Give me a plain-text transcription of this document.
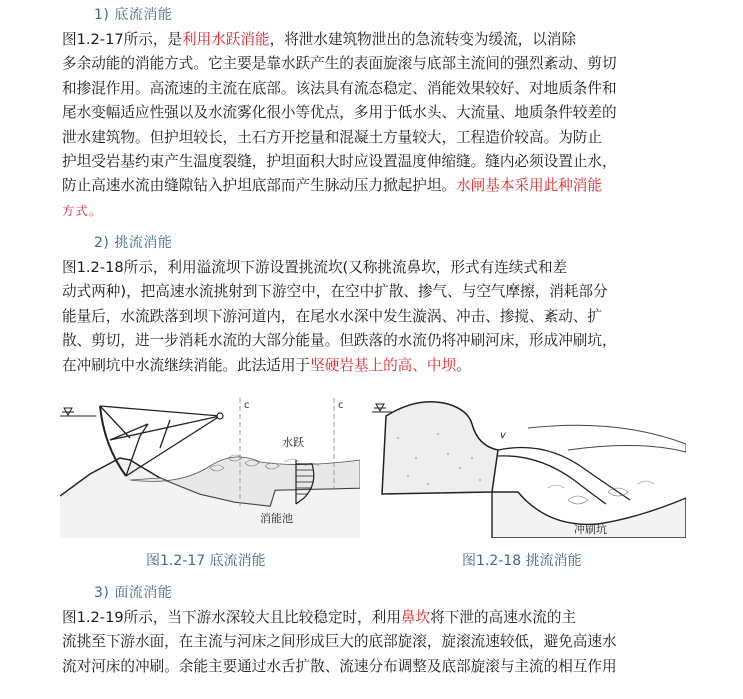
1) 底流消能
图1.2-17所示，是利用水跃消能，将泄水建筑物泄出的急流转变为缓流，以消除
多余动能的消能方式。它主要是靠水跃产生的表面旋滚与底部主流间的强烈紊动、剪切
和掺混作用。高流速的主流在底部。该法具有流态稳定、消能效果较好、对地质条件和
尾水变幅适应性强以及水流雾化很小等优点，多用于低水头、大流量、地质条件较差的
泄水建筑物。但护坦较长，土石方开挖量和混凝土方量较大，工程造价较高。为防止
护坦受岩基约束产生温度裂缝，护坦面积大时应设置温度伸缩缝。缝内必须设置止水，
防止高速水流由缝隙钻入护坦底部而产生脉动压力掀起护坦。水闸基本采用此种消能
方式。
2) 挑流消能
图1.2-18所示，利用溢流坝下游设置挑流坎(又称挑流鼻坎，形式有连续式和差
动式两种)，把高速水流挑射到下游空中，在空中扩散、掺气、与空气摩擦，消耗部分
能量后，水流跌落到坝下游河道内，在尾水水深中发生漩涡、冲击、掺搅、紊动、扩
散、剪切，进一步消耗水流的大部分能量。但跌落的水流仍将冲刷河床，形成冲刷坑，
在冲刷坑中水流继续消能。此法适用于坚硬岩基上的高、中坝。
c	c
水跃
消能池
v
冲刷坑
图1.2-17 底流消能	图1.2-18 挑流消能
3) 面流消能
图1.2-19所示，当下游水深较大且比较稳定时，利用鼻坎将下泄的高速水流的主
流挑至下游水面，在主流与河床之间形成巨大的底部旋滚，旋滚流速较低，避免高速水
流对河床的冲刷。余能主要通过水舌扩散、流速分布调整及底部旋滚与主流的相互作用
